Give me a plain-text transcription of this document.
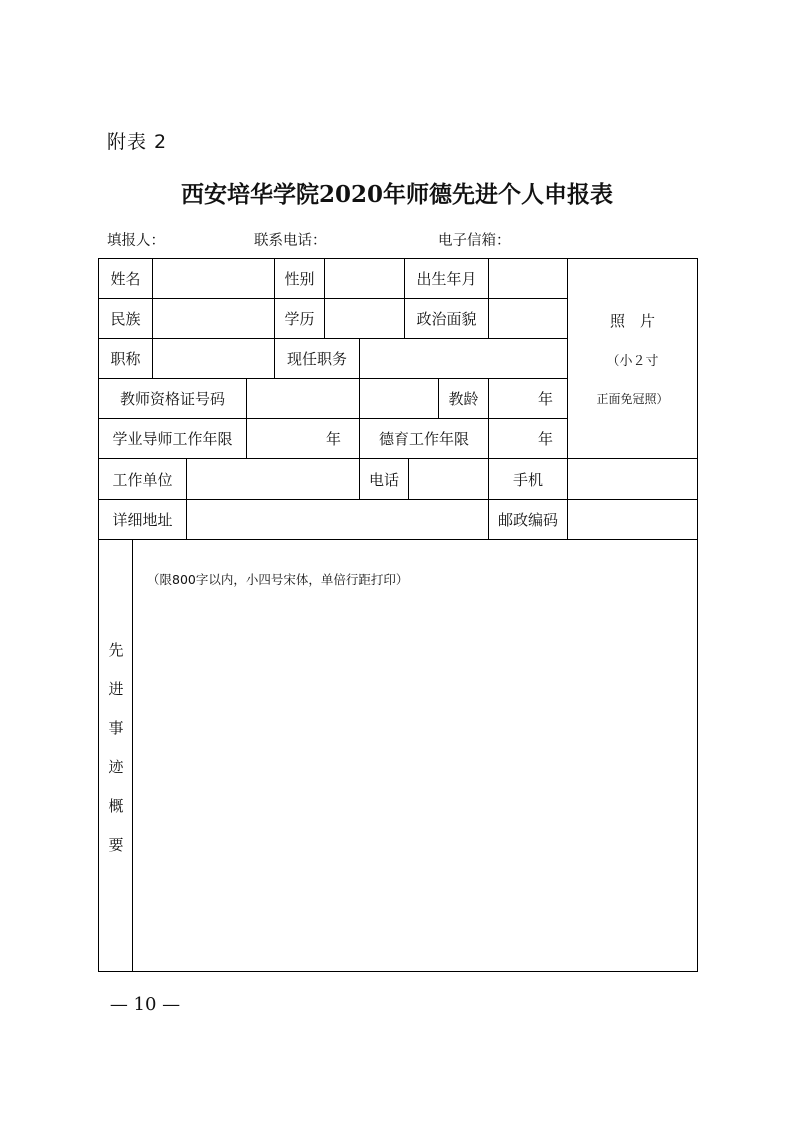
附表 2
西安培华学院2020年师德先进个人申报表
填报人：	联系电话：	电子信箱：
姓名	性别	出生年月
民族	学历	政治面貌
职称	现任职务
教师资格证号码	教龄	年
学业导师工作年限	年	德育工作年限	年
照　片
（小２寸
正面免冠照）
工作单位	电话	手机
详细地址	邮政编码
先
进
事
迹
概
要
（限800字以内，小四号宋体，单倍行距打印）
— 10 —
